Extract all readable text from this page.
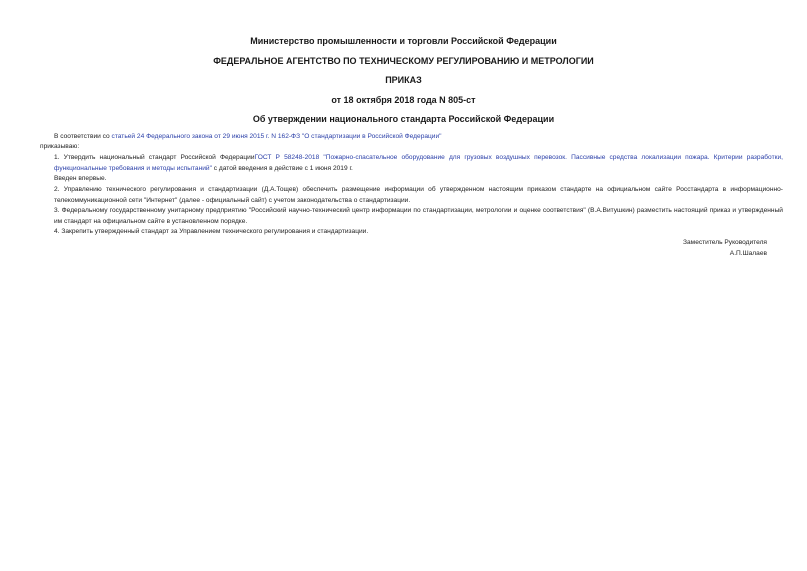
Министерство промышленности и торговли Российской Федерации
ФЕДЕРАЛЬНОЕ АГЕНТСТВО ПО ТЕХНИЧЕСКОМУ РЕГУЛИРОВАНИЮ И МЕТРОЛОГИИ
ПРИКАЗ
от 18 октября 2018 года N 805-ст
Об утверждении национального стандарта Российской Федерации
В соответствии со статьей 24 Федерального закона от 29 июня 2015 г. N 162-ФЗ "О стандартизации в Российской Федерации"
приказываю:
1. Утвердить национальный стандарт Российской ФедерацииГОСТ Р 58248-2018 "Пожарно-спасательное оборудование для грузовых воздушных перевозок. Пассивные средства локализации пожара. Критерии разработки, функциональные требования и методы испытаний" с датой введения в действие с 1 июня 2019 г.
Введен впервые.
2. Управлению технического регулирования и стандартизации (Д.А.Тощев) обеспечить размещение информации об утвержденном настоящим приказом стандарте на официальном сайте Росстандарта в информационно-телекоммуникационной сети "Интернет" (далее - официальный сайт) с учетом законодательства о стандартизации.
3. Федеральному государственному унитарному предприятию "Российский научно-технический центр информации по стандартизации, метрологии и оценке соответствия" (В.А.Витушкин) разместить настоящий приказ и утвержденный им стандарт на официальном сайте в установленном порядке.
4. Закрепить утвержденный стандарт за Управлением технического регулирования и стандартизации.
Заместитель Руководителя
А.П.Шалаев
